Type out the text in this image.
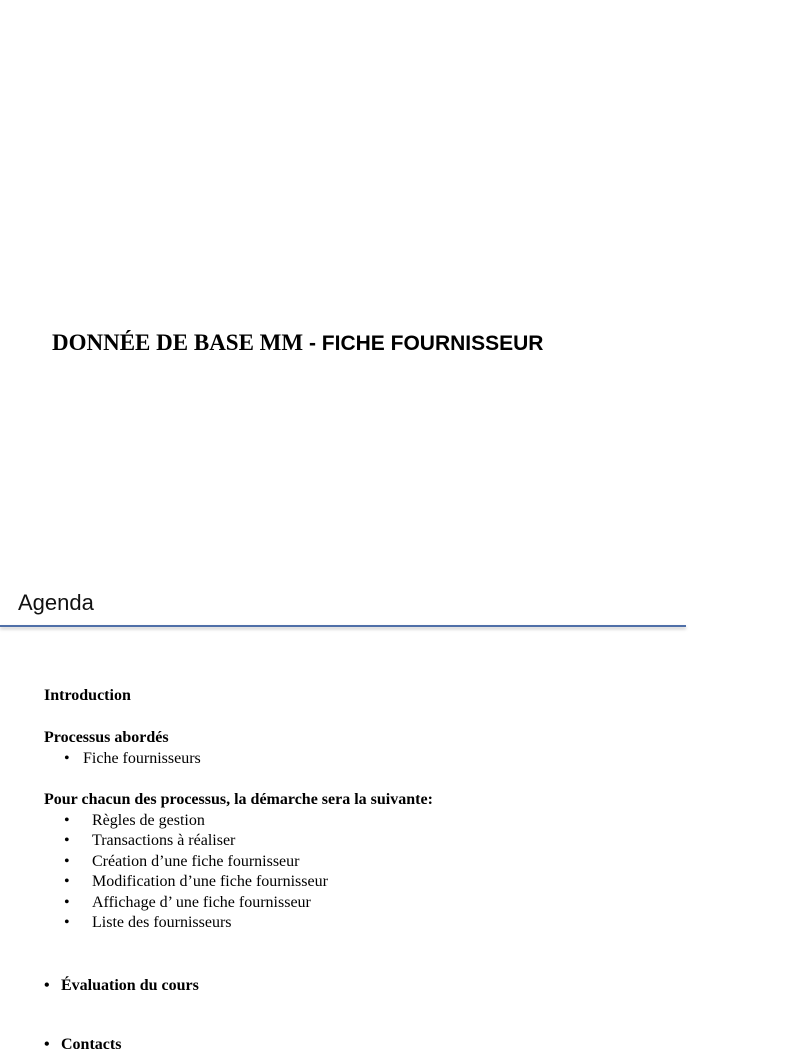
DONNÉE DE BASE MM - FICHE FOURNISSEUR
Agenda
Introduction
Processus abordés
• Fiche fournisseurs
Pour chacun des processus, la démarche sera la suivante:
• Règles de gestion
• Transactions à réaliser
• Création d’une fiche fournisseur
• Modification d’une fiche fournisseur
• Affichage d’ une fiche fournisseur
• Liste des fournisseurs
• Évaluation du cours
• Contacts
